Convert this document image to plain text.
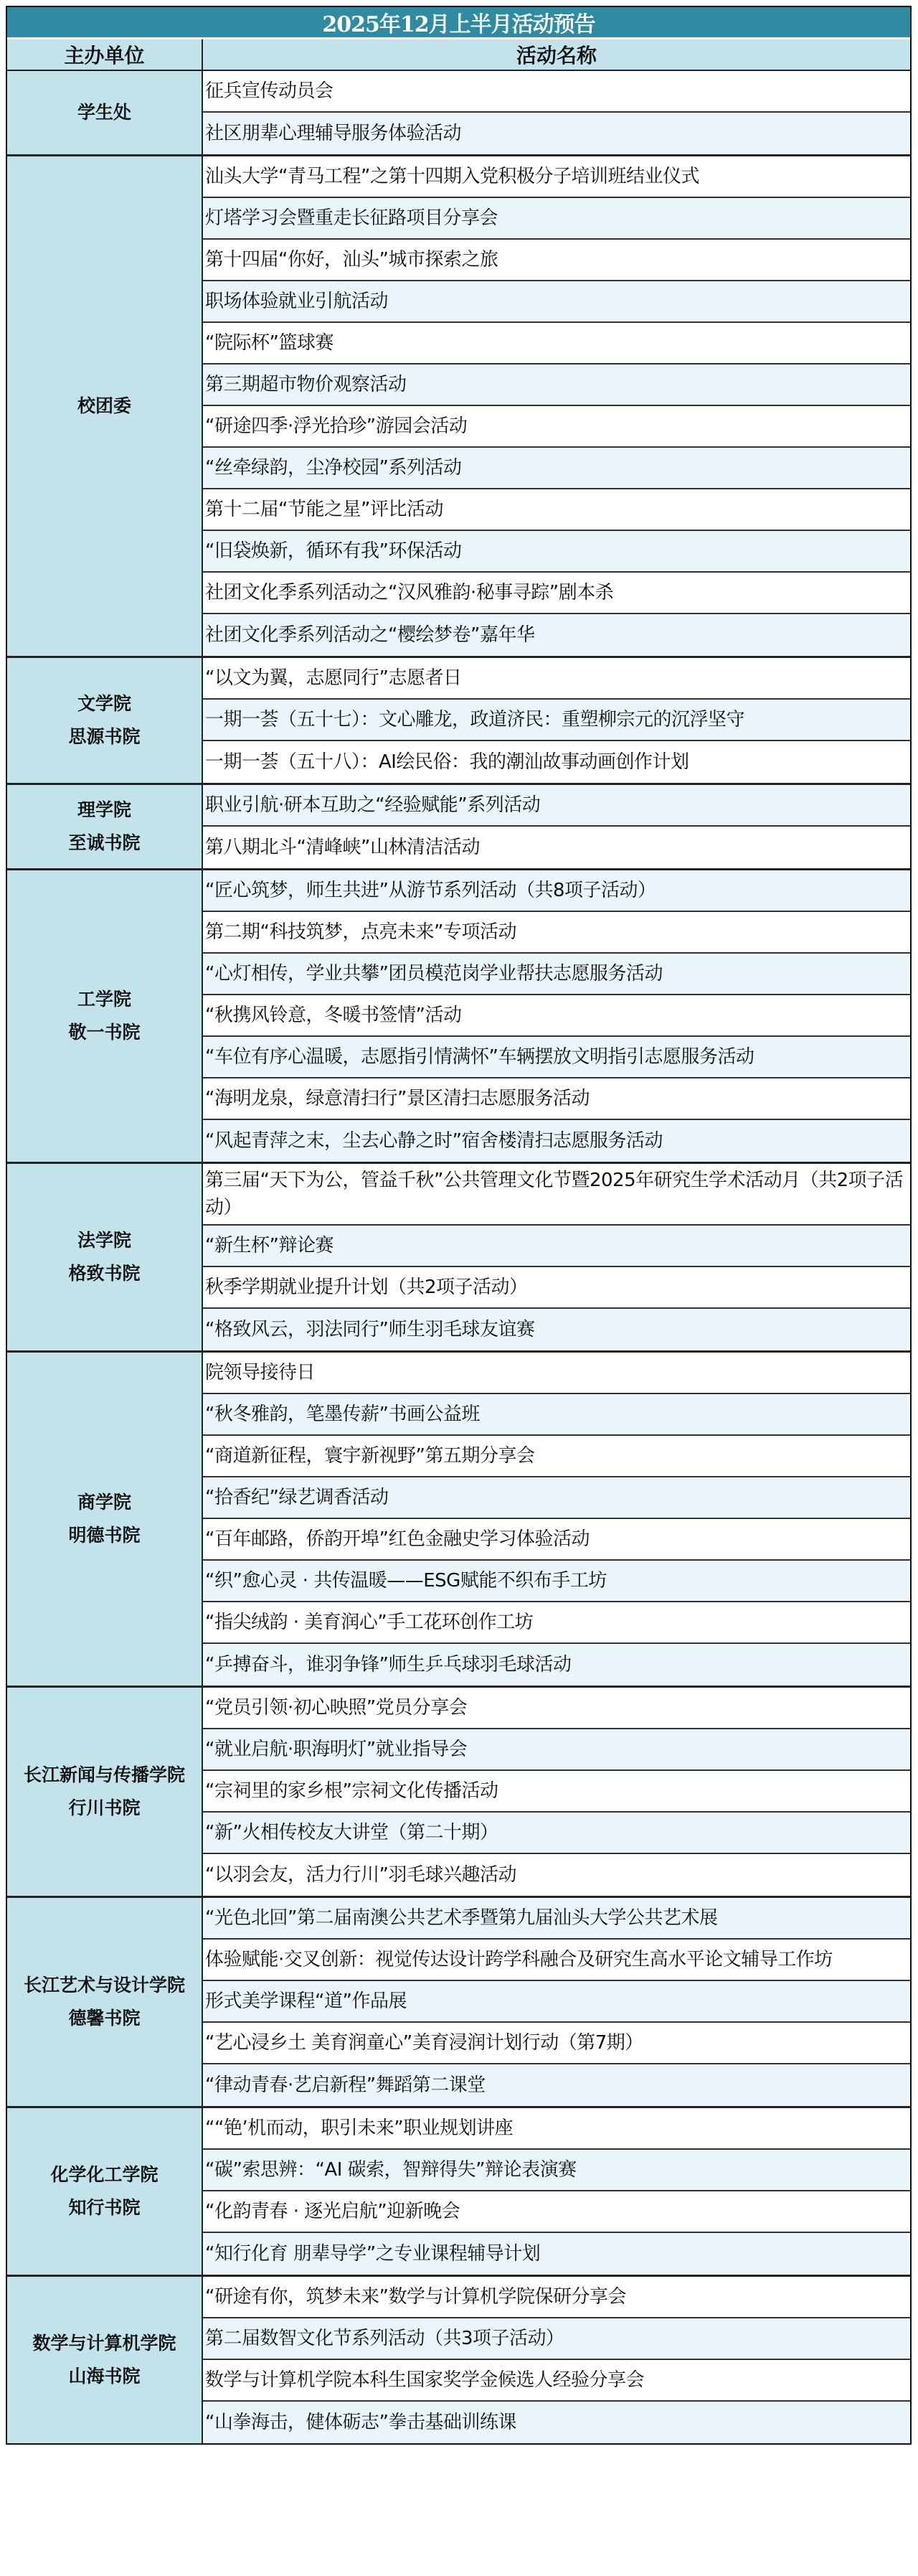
2025年12月上半月活动预告
主办单位	活动名称
学生处
征兵宣传动员会
社区朋辈心理辅导服务体验活动
校团委
汕头大学“青马工程”之第十四期入党积极分子培训班结业仪式
灯塔学习会暨重走长征路项目分享会
第十四届“你好，汕头”城市探索之旅
职场体验就业引航活动
“院际杯”篮球赛
第三期超市物价观察活动
“研途四季·浮光拾珍”游园会活动
“丝牵绿韵，尘净校园”系列活动
第十二届“节能之星”评比活动
“旧袋焕新，循环有我”环保活动
社团文化季系列活动之“汉风雅韵·秘事寻踪”剧本杀
社团文化季系列活动之“樱绘梦卷”嘉年华
文学院
思源书院
“以文为翼，志愿同行”志愿者日
一期一荟（五十七）：文心雕龙，政道济民：重塑柳宗元的沉浮坚守
一期一荟（五十八）：AI绘民俗：我的潮汕故事动画创作计划
理学院
至诚书院
职业引航·研本互助之“经验赋能”系列活动
第八期北斗“清峰峡”山林清洁活动
工学院
敬一书院
“匠心筑梦，师生共进”从游节系列活动（共8项子活动）
第二期“科技筑梦，点亮未来”专项活动
“心灯相传，学业共攀”团员模范岗学业帮扶志愿服务活动
“秋携风铃意，冬暖书签情”活动
“车位有序心温暖，志愿指引情满怀”车辆摆放文明指引志愿服务活动
“海明龙泉，绿意清扫行”景区清扫志愿服务活动
“风起青萍之末，尘去心静之时”宿舍楼清扫志愿服务活动
法学院
格致书院
第三届“天下为公，管益千秋”公共管理文化节暨2025年研究生学术活动月（共2项子活动）
“新生杯”辩论赛
秋季学期就业提升计划（共2项子活动）
“格致风云，羽法同行”师生羽毛球友谊赛
商学院
明德书院
院领导接待日
“秋冬雅韵，笔墨传薪”书画公益班
“商道新征程，寰宇新视野”第五期分享会
“拾香纪”绿艺调香活动
“百年邮路，侨韵开埠”红色金融史学习体验活动
“织”愈心灵 · 共传温暖——ESG赋能不织布手工坊
“指尖绒韵 · 美育润心”手工花环创作工坊
“乒搏奋斗，谁羽争锋”师生乒乓球羽毛球活动
长江新闻与传播学院
行川书院
“党员引领·初心映照”党员分享会
“就业启航·职海明灯”就业指导会
“宗祠里的家乡根”宗祠文化传播活动
“新”火相传校友大讲堂（第二十期）
“以羽会友，活力行川”羽毛球兴趣活动
长江艺术与设计学院
德馨书院
“光色北回”第二届南澳公共艺术季暨第九届汕头大学公共艺术展
体验赋能·交叉创新：视觉传达设计跨学科融合及研究生高水平论文辅导工作坊
形式美学课程“道”作品展
“艺心浸乡土 美育润童心”美育浸润计划行动（第7期）
“律动青春·艺启新程”舞蹈第二课堂
化学化工学院
知行书院
““铯’机而动，职引未来”职业规划讲座
“碳”索思辨：“AI 碳索，智辩得失”辩论表演赛
“化韵青春 · 逐光启航”迎新晚会
“知行化育 朋辈导学”之专业课程辅导计划
数学与计算机学院
山海书院
“研途有你，筑梦未来”数学与计算机学院保研分享会
第二届数智文化节系列活动（共3项子活动）
数学与计算机学院本科生国家奖学金候选人经验分享会
“山拳海击，健体砺志”拳击基础训练课
